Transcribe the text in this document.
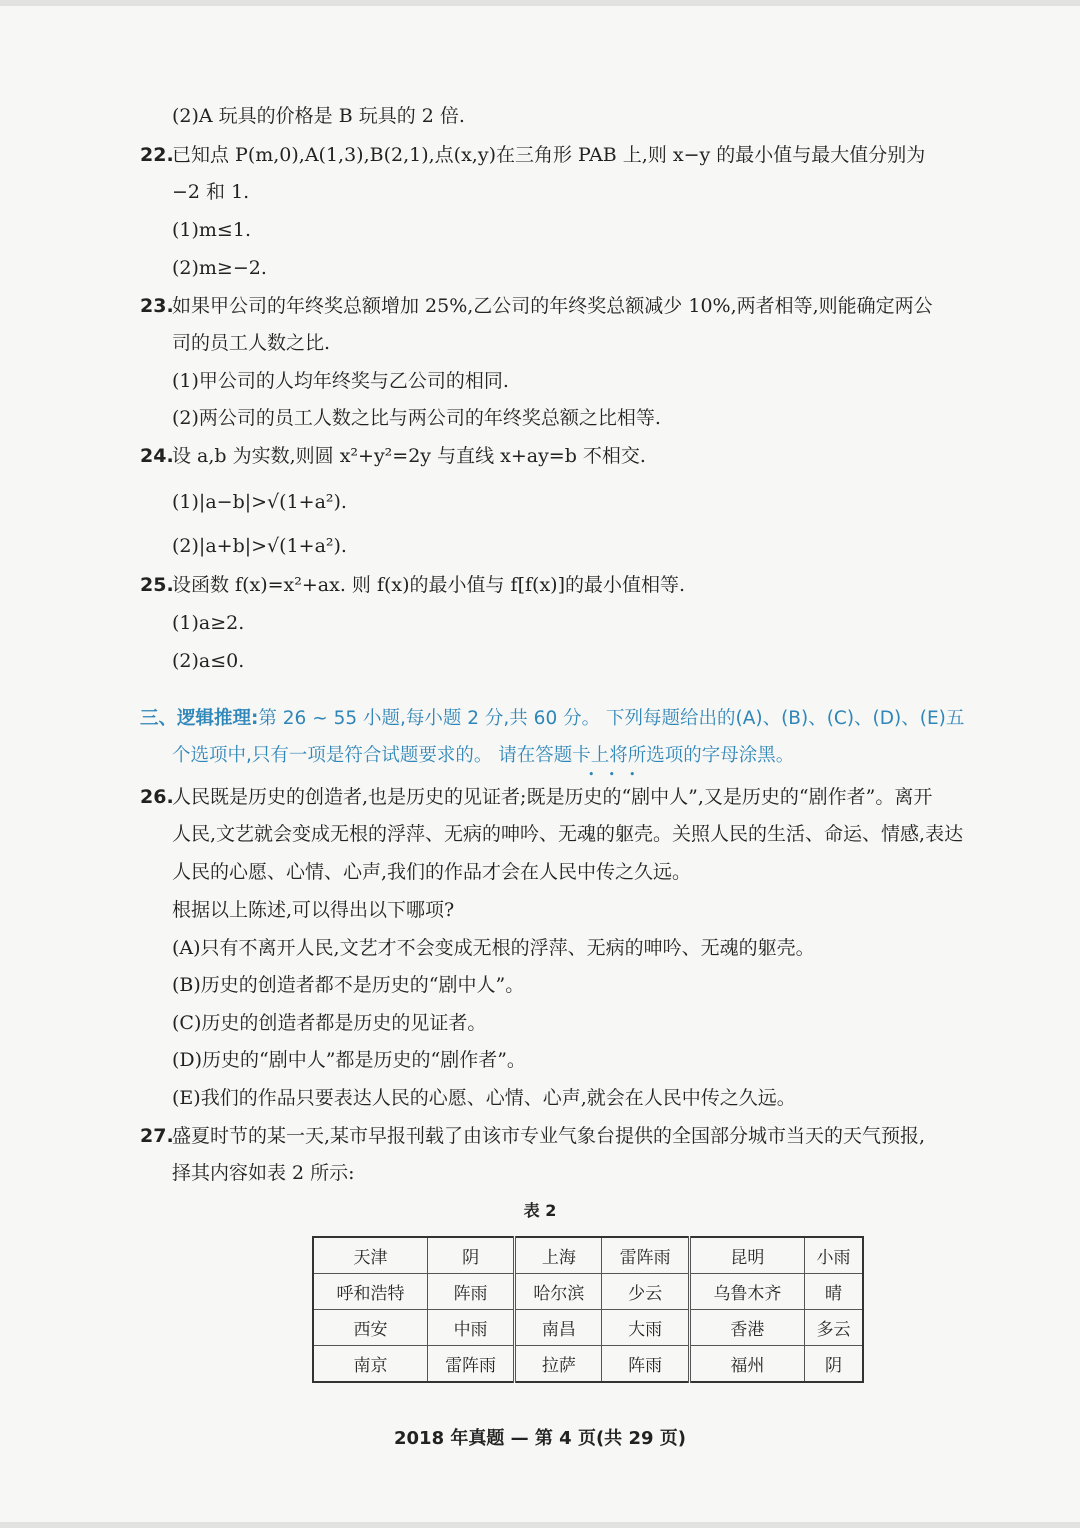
(2)A 玩具的价格是 B 玩具的 2 倍.
22.
已知点 P(m,0),A(1,3),B(2,1),点(x,y)在三角形 PAB 上,则 x−y 的最小值与最大值分别为
−2 和 1.
(1)m≤1.
(2)m≥−2.
23.
如果甲公司的年终奖总额增加 25%,乙公司的年终奖总额减少 10%,两者相等,则能确定两公
司的员工人数之比.
(1)甲公司的人均年终奖与乙公司的相同.
(2)两公司的员工人数之比与两公司的年终奖总额之比相等.
24.
设 a,b 为实数,则圆 x²+y²=2y 与直线 x+ay=b 不相交.
(1)|a−b|>√(1+a²).
(2)|a+b|>√(1+a²).
25.
设函数 f(x)=x²+ax. 则 f(x)的最小值与 f[f(x)]的最小值相等.
(1)a≥2.
(2)a≤0.
三、逻辑推理:第 26 ~ 55 小题,每小题 2 分,共 60 分。 下列每题给出的(A)、(B)、(C)、(D)、(E)五
个选项中,只有一项是符合试题要求的。 请在答题卡上将所选项的字母涂黑。
•••
26.
人民既是历史的创造者,也是历史的见证者;既是历史的“剧中人”,又是历史的“剧作者”。离开
人民,文艺就会变成无根的浮萍、无病的呻吟、无魂的躯壳。关照人民的生活、命运、情感,表达
人民的心愿、心情、心声,我们的作品才会在人民中传之久远。
根据以上陈述,可以得出以下哪项?
(A)只有不离开人民,文艺才不会变成无根的浮萍、无病的呻吟、无魂的躯壳。
(B)历史的创造者都不是历史的“剧中人”。
(C)历史的创造者都是历史的见证者。
(D)历史的“剧中人”都是历史的“剧作者”。
(E)我们的作品只要表达人民的心愿、心情、心声,就会在人民中传之久远。
27.
盛夏时节的某一天,某市早报刊载了由该市专业气象台提供的全国部分城市当天的天气预报,
择其内容如表 2 所示:
表 2
天津	阴	上海	雷阵雨	昆明	小雨
呼和浩特	阵雨	哈尔滨	少云	乌鲁木齐	晴
西安	中雨	南昌	大雨	香港	多云
南京	雷阵雨	拉萨	阵雨	福州	阴
2018 年真题 — 第 4 页(共 29 页)
